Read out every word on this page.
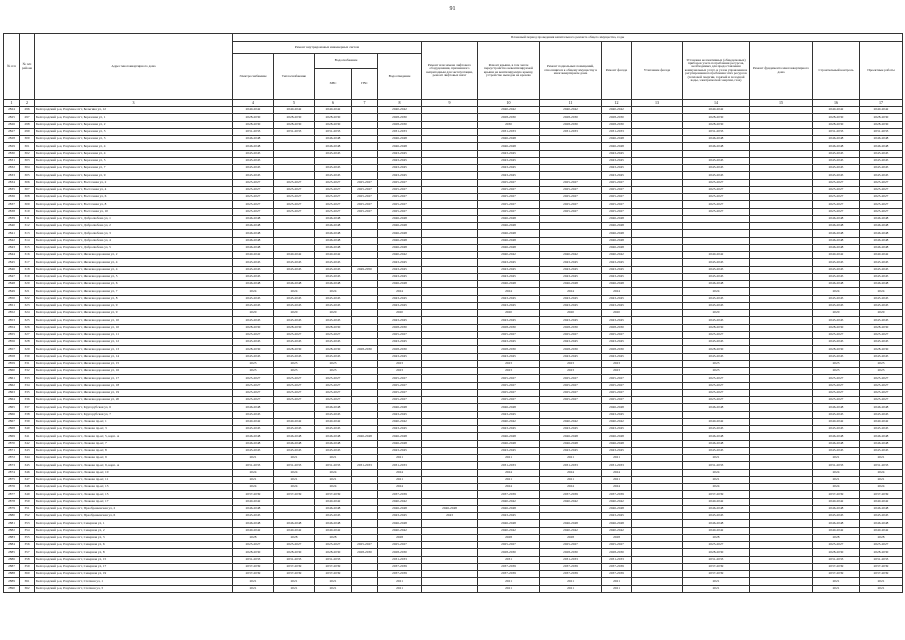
91
№ п/п	№ п/п района	Адрес многоквартирного дома	Плановый период проведения капитального ремонта общего имущества, годы													
			Ремонт внутридомовых инженерных систем					Ремонт или замена лифтового оборудования, признанного непригодным для эксплуатации, ремонт лифтовых шахт	Ремонт крыши, в том числе переустройство невентилируемой крыши на вентилируемую крышу, устройство выходов на кровлю	Ремонт подвальных помещений, относящихся к общему имуществу в многоквартирном доме	Ремонт фасада	Утепление фасада	Установка коллективных (общедомовых) приборов учета потребления ресурсов, необходимых для предоставления коммунальных услуг, и узлов управления и регулирования потребления этих ресурсов (тепловой энергии, горячей и холодной воды, электрической энергии, газа)	Ремонт фундамента многоквартирного дома	Строительный контроль	Проектные работы
			Электроснабжение	Теплоснабжение	Водоснабжение		Водоотведение									
					ХВС	ГВС										
1	2	3	4	5	6	7	8	9	10	11	12	13	14	15	16	17
2824	296	Белгородский р-н, Разумное пгт, Бельгина ул, 12	2040-2042	2040-2042	2040-2042		2040-2042		2040-2042	2040-2042	2040-2042		2040-2042		2040-2042	2040-2042
2825	297	Белгородский р-н, Разумное пгт, Березовая ул, 1	2028-2030	2028-2030	2028-2030		2028-2030		2028-2030	2028-2030	2028-2030		2028-2030		2028-2030	2028-2030
2826	298	Белгородский р-н, Разумное пгт, Березовая ул, 2	2028-2030	2028-2030	2028-2030		2028-2030		2030	2028-2030	2028-2030		2028-2030		2028-2030	2028-2030
2827	299	Белгородский р-н, Разумное пгт, Березовая ул, 3	2031-2033	2031-2033	2031-2033		2031-2033		2031-2033	2031-2033	2031-2033		2031-2033		2031-2033	2031-2033
2828	300	Белгородский р-н, Разумное пгт, Березовая ул, 3	2046-2048		2046-2048		2046-2048		2046-2048		2046-2048		2046-2048		2046-2048	2046-2048
2829	301	Белгородский р-н, Разумное пгт, Березовая ул, 4	2046-2048		2046-2048		2046-2048		2046-2048		2046-2048		2046-2048		2046-2048	2046-2048
2830	302	Белгородский р-н, Разумное пгт, Березовая ул, 4	2043-2045		2043-2045		2043-2045		2043-2045		2043-2045				2043-2045	2043-2045
2831	303	Белгородский р-н, Разумное пгт, Березовая ул, 5	2043-2045				2043-2045		2043-2045		2043-2045		2043-2045		2043-2045	2043-2045
2832	304	Белгородский р-н, Разумное пгт, Березовая ул, 7	2043-2045		2043-2045		2043-2045		2043-2045		2043-2045		2043-2045		2043-2045	2043-2045
2833	305	Белгородский р-н, Разумное пгт, Березовая ул, 9	2043-2045		2043-2045		2043-2045		2043-2045		2043-2045		2043-2045		2043-2045	2043-2045
2834	306	Белгородский р-н, Разумное пгт, Восточная ул, 2	2025-2027	2025-2027	2025-2027	2025-2027	2025-2027		2025-2027	2025-2027	2025-2027		2025-2027		2025-2027	2025-2027
2835	307	Белгородский р-н, Разумное пгт, Восточная ул, 4	2025-2027	2025-2027	2025-2027	2025-2027	2025-2027		2025-2027	2025-2027	2025-2027		2025-2027		2025-2027	2025-2027
2836	308	Белгородский р-н, Разумное пгт, Восточная ул, 6	2025-2027	2025-2027	2025-2027	2025-2027	2025-2027		2025-2027	2025-2027	2025-2027		2025-2027		2025-2027	2025-2027
2837	309	Белгородский р-н, Разумное пгт, Восточная ул, 8	2025-2027	2025-2027	2025-2027	2025-2027	2025-2027		2025-2027	2025-2027	2025-2027		2025-2027		2025-2027	2025-2027
2838	310	Белгородский р-н, Разумное пгт, Восточная ул, 10	2025-2027	2025-2027	2025-2027	2025-2027	2025-2027		2025-2027	2025-2027	2025-2027		2025-2027		2025-2027	2025-2027
2839	311	Белгородский р-н, Разумное пгт, Добролюбова ул, 1	2046-2048		2046-2048		2046-2048		2046-2048		2046-2048				2046-2048	2046-2048
2840	312	Белгородский р-н, Разумное пгт, Добролюбова ул, 2	2046-2048		2046-2048		2046-2048		2046-2048		2046-2048				2046-2048	2046-2048
2841	313	Белгородский р-н, Разумное пгт, Добролюбова ул, 3	2046-2048		2046-2048		2046-2048		2046-2048		2046-2048				2046-2048	2046-2048
2842	314	Белгородский р-н, Разумное пгт, Добролюбова ул, 4	2046-2048		2046-2048		2046-2048		2046-2048		2046-2048				2046-2048	2046-2048
2843	315	Белгородский р-н, Разумное пгт, Добролюбова ул, 5	2046-2048		2046-2048		2046-2048		2046-2048		2046-2048				2046-2048	2046-2048
2844	316	Белгородский р-н, Разумное пгт, Железнодорожная ул, 2	2040-2042	2040-2042	2040-2042		2040-2042		2040-2042	2040-2042	2040-2042		2040-2042		2040-2042	2040-2042
2845	317	Белгородский р-н, Разумное пгт, Железнодорожная ул, 4	2043-2045	2043-2045	2043-2045		2043-2045		2043-2045	2043-2045	2043-2045		2043-2045		2043-2045	2043-2045
2846	318	Белгородский р-н, Разумное пгт, Железнодорожная ул, 4	2043-2045	2043-2045	2043-2045	2049-2050	2043-2045		2043-2045	2043-2045	2043-2045		2043-2045		2043-2045	2043-2045
2847	319	Белгородский р-н, Разумное пгт, Железнодорожная ул, 5	2043-2045		2043-2045		2043-2045		2043-2045	2043-2045	2043-2045		2043-2045		2043-2045	2043-2045
2848	320	Белгородский р-н, Разумное пгт, Железнодорожная ул, 6	2046-2048	2046-2048	2046-2048		2046-2048		2046-2048	2046-2048	2046-2048		2046-2048		2046-2048	2046-2048
2849	321	Белгородский р-н, Разумное пгт, Железнодорожная ул, 7	2024	2024	2024		2024		2024	2024	2024		2024		2024	2024
2850	322	Белгородский р-н, Разумное пгт, Железнодорожная ул, 8	2043-2045	2043-2045	2043-2045		2043-2045		2043-2045	2043-2045	2043-2045		2043-2045		2043-2045	2043-2045
2851	323	Белгородский р-н, Разумное пгт, Железнодорожная ул, 9	2043-2045	2043-2045	2043-2045		2043-2045		2043-2045	2043-2045	2043-2045		2043-2045		2043-2045	2043-2045
2852	324	Белгородский р-н, Разумное пгт, Железнодорожная ул, 9	2020	2020	2020		2020		2020	2020	2020		2020		2020	2020
2853	325	Белгородский р-н, Разумное пгт, Железнодорожная ул, 10	2043-2045	2043-2045	2043-2045		2043-2045		2043-2045	2043-2045	2043-2045		2043-2045		2043-2045	2043-2045
2854	326	Белгородский р-н, Разумное пгт, Железнодорожная ул, 10	2028-2030	2028-2030	2028-2030		2028-2030		2028-2030	2028-2030	2028-2030		2028-2030		2028-2030	2028-2030
2855	327	Белгородский р-н, Разумное пгт, Железнодорожная ул, 11	2025-2027	2025-2027	2025-2027		2025-2027		2025-2027	2025-2027	2025-2027		2025-2027		2025-2027	2025-2027
2856	328	Белгородский р-н, Разумное пгт, Железнодорожная ул, 12	2043-2045	2043-2045	2043-2045		2043-2045		2043-2045	2043-2045	2043-2045		2043-2045		2043-2045	2043-2045
2857	329	Белгородский р-н, Разумное пгт, Железнодорожная ул, 13	2028-2030	2028-2030	2028-2030	2028-2030	2028-2030		2028-2030	2028-2030	2028-2030		2028-2030		2028-2030	2028-2030
2858	330	Белгородский р-н, Разумное пгт, Железнодорожная ул, 14	2043-2045	2043-2045	2043-2045		2043-2045		2043-2045	2043-2045	2043-2045		2043-2045		2043-2045	2043-2045
2859	331	Белгородский р-н, Разумное пгт, Железнодорожная ул, 15	2023	2023	2023		2023		2023	2023	2023		2023		2023	2023
2860	332	Белгородский р-н, Разумное пгт, Железнодорожная ул, 16	2023	2023	2023		2023		2023	2023	2023		2023		2023	2023
2861	333	Белгородский р-н, Разумное пгт, Железнодорожная ул, 17	2025-2027	2025-2027	2025-2027		2025-2027		2025-2027	2025-2027	2025-2027		2025-2027		2025-2027	2025-2027
2862	334	Белгородский р-н, Разумное пгт, Железнодорожная ул, 18	2025-2027	2025-2027	2025-2027		2025-2027		2025-2027	2025-2027	2025-2027		2025-2027		2025-2027	2025-2027
2863	335	Белгородский р-н, Разумное пгт, Железнодорожная ул, 19	2025-2027	2025-2027	2025-2027		2025-2027		2025-2027	2025-2027	2025-2027		2025-2027		2025-2027	2025-2027
2864	336	Белгородский р-н, Разумное пгт, Железнодорожная ул, 20	2025-2027	2025-2027	2025-2027		2025-2027		2025-2027	2025-2027	2025-2027		2025-2027		2025-2027	2025-2027
2865	337	Белгородский р-н, Разумное пгт, Кругорубская ул, 6	2046-2048		2046-2048		2046-2048		2046-2048		2046-2048		2046-2048		2046-2048	2046-2048
2866	338	Белгородский р-н, Разумное пгт, Кругорубская ул, 7	2043-2045		2043-2045		2043-2045		2043-2045		2043-2045				2043-2045	2043-2045
2867	339	Белгородский р-н, Разумное пгт, Лазкова пр-кт, 1	2040-2042	2040-2042	2040-2042		2040-2042		2040-2042	2040-2042	2040-2042		2040-2042		2040-2042	2040-2042
2868	340	Белгородский р-н, Разумное пгт, Лазкова пр-кт, 3	2043-2045	2043-2045	2043-2045		2043-2045		2043-2045	2043-2045	2043-2045		2043-2045		2043-2045	2043-2045
2869	341	Белгородский р-н, Разумное пгт, Лазкова пр-кт, 5, корп. А	2046-2048	2046-2048	2046-2048	2046-2048	2046-2048		2046-2048	2046-2048	2046-2048		2046-2048		2046-2048	2046-2048
2870	342	Белгородский р-н, Разумное пгт, Лазкова пр-кт, 7	2046-2048	2046-2048	2046-2048		2046-2048		2046-2048	2046-2048	2046-2048		2046-2048		2046-2048	2046-2048
2871	343	Белгородский р-н, Разумное пгт, Лазкова пр-кт, 8	2043-2045	2043-2045	2043-2045		2043-2045		2043-2045	2043-2045	2043-2045		2043-2045		2043-2045	2043-2045
2872	344	Белгородский р-н, Разумное пгт, Лазкова пр-кт, 9	2021	2021	2021		2021		2021	2021	2021		2021		2021	2021
2873	345	Белгородский р-н, Разумное пгт, Лазкова пр-кт, 9, корп. А	2031-2033	2031-2033	2031-2033	2031-2033	2031-2033		2031-2033	2031-2033	2031-2033		2031-2033		2031-2033	2031-2033
2874	346	Белгородский р-н, Разумное пгт, Лазкова пр-кт, 10	2024	2024	2024		2024		2024	2024	2024		2024		2024	2024
2875	347	Белгородский р-н, Разумное пгт, Лазкова пр-кт, 11	2021	2021	2021		2021		2021	2021	2021		2021		2021	2021
2876	348	Белгородский р-н, Разумное пгт, Лазкова пр-кт, 13	2024	2024	2024		2024		2024	2024	2024		2024		2024	2024
2877	349	Белгородский р-н, Разумное пгт, Лазкова пр-кт, 15	2037-2039	2037-2039	2037-2039		2037-2039		2037-2039	2037-2039	2037-2039		2037-2039		2037-2039	2037-2039
2878	350	Белгородский р-н, Разумное пгт, Лазкова пр-кт, 17	2040-2042		2040-2042		2040-2042		2040-2042	2040-2042	2040-2042		2040-2042		2040-2042	2040-2042
2879	351	Белгородский р-н, Разумное пгт, Преображенская ул, 2	2046-2048		2046-2048		2046-2048	2046-2048	2046-2048		2046-2048		2046-2048		2046-2048	2046-2048
2880	352	Белгородский р-н, Разумное пгт, Преображенская ул, 6	2043-2045		2043-2045		2043-2045	2043	2043-2045		2043-2045		2043-2045		2043-2045	2043-2045
2881	353	Белгородский р-н, Разумное пгт, Северная ул, 1	2046-2048	2046-2048	2046-2048		2046-2048		2046-2048	2046-2048	2046-2048		2046-2048		2046-2048	2046-2048
2882	354	Белгородский р-н, Разумное пгт, Северная ул, 2	2040-2042	2040-2042	2040-2042		2040-2042		2040-2042	2040-2042	2040-2042		2040-2042		2040-2042	2040-2042
2883	355	Белгородский р-н, Разумное пгт, Северная ул, 3	2028	2028	2028		2028		2028	2028	2028		2028		2028	2028
2884	356	Белгородский р-н, Разумное пгт, Северная ул, 6	2025-2027	2025-2027	2025-2027	2025-2027	2025-2027		2025-2027	2025-2027	2025-2027		2025-2027		2025-2027	2025-2027
2885	357	Белгородский р-н, Разумное пгт, Северная ул, 8	2028-2030	2028-2030	2028-2030	2028-2030	2028-2030		2028-2030	2028-2030	2028-2030		2028-2030		2028-2030	2028-2030
2886	358	Белгородский р-н, Разумное пгт, Северная ул, 15	2031-2033	2031-2033	2031-2033		2031-2033		2031	2031-2033	2031-2033		2031-2033		2031-2033	2031-2033
2887	359	Белгородский р-н, Разумное пгт, Северная ул, 17	2037-2039	2037-2039	2037-2039		2037-2039		2037-2039	2037-2039	2037-2039		2037-2039		2037-2039	2037-2039
2888	360	Белгородский р-н, Разумное пгт, Северная ул, 19	2037-2039	2037-2039	2037-2039		2037-2039		2037-2039	2037-2039	2037-2039		2037-2039		2037-2039	2037-2039
2889	361	Белгородский р-н, Разумное пгт, Степная ул, 1	2021	2021	2021		2021		2021	2021	2021		2021		2021	2021
2890	362	Белгородский р-н, Разумное пгт, Степная ул, 3	2021	2021	2021		2021		2021	2021	2021		2021		2021	2021
